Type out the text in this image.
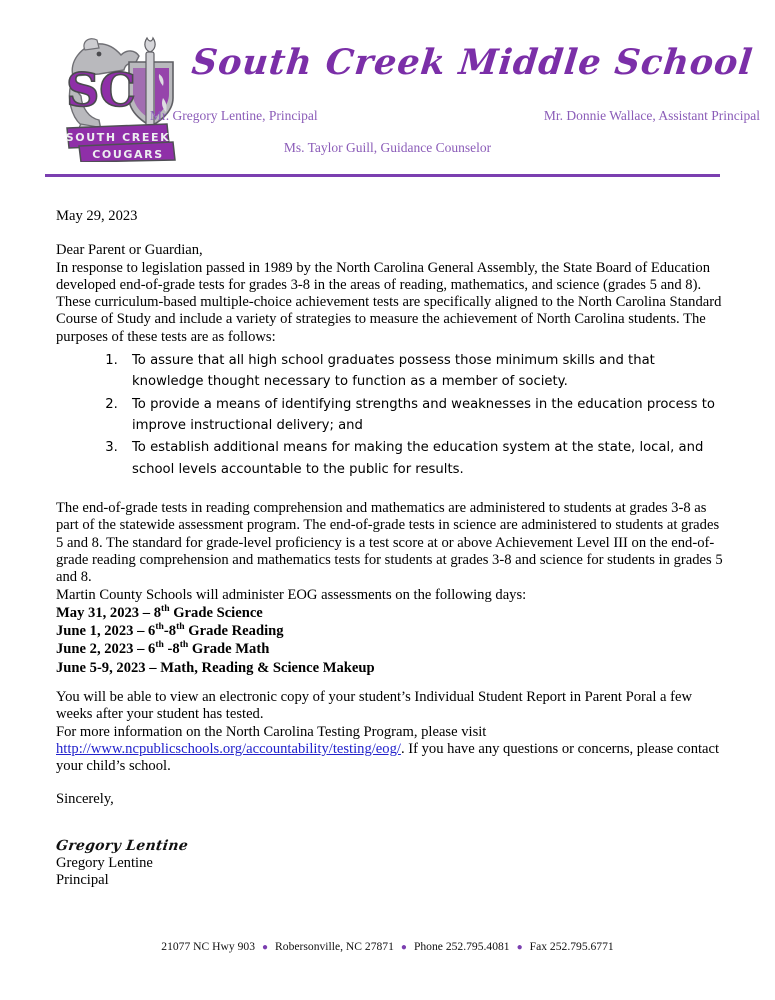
SC
SOUTH CREEK
COUGARS
South Creek Middle School
Mr. Gregory Lentine, Principal	Mr. Donnie Wallace, Assistant Principal
Ms. Taylor Guill, Guidance Counselor
May 29, 2023
Dear Parent or Guardian,

In response to legislation passed in 1989 by the North Carolina General Assembly, the State Board of Education developed end-of-grade tests for grades 3-8 in the areas of reading, mathematics, and science (grades 5 and 8). These curriculum-based multiple-choice achievement tests are specifically aligned to the North Carolina Standard Course of Study and include a variety of strategies to measure the achievement of North Carolina students. The purposes of these tests are as follows:

1. To assure that all high school graduates possess those minimum skills and that knowledge thought necessary to function as a member of society.
2. To provide a means of identifying strengths and weaknesses in the education process to improve instructional delivery; and
3. To establish additional means for making the education system at the state, local, and school levels accountable to the public for results.

The end-of-grade tests in reading comprehension and mathematics are administered to students at grades 3-8 as part of the statewide assessment program. The end-of-grade tests in science are administered to students at grades 5 and 8. The standard for grade-level proficiency is a test score at or above Achievement Level III on the end-of-grade reading comprehension and mathematics tests for students at grades 3-8 and science for students in grades 5 and 8.

Martin County Schools will administer EOG assessments on the following days:
May 31, 2023 – 8th Grade Science
June 1, 2023 – 6th-8th Grade Reading
June 2, 2023 – 6th -8th Grade Math
June 5-9, 2023 – Math, Reading & Science Makeup

You will be able to view an electronic copy of your student’s Individual Student Report in Parent Poral a few weeks after your student has tested.

For more information on the North Carolina Testing Program, please visit

http://www.ncpublicschools.org/accountability/testing/eog/. If you have any questions or concerns, please contact your child’s school.

Sincerely,
Gregory Lentine
Gregory Lentine
Principal
21077 NC Hwy 903 ● Robersonville, NC 27871 ● Phone 252.795.4081 ● Fax 252.795.6771
